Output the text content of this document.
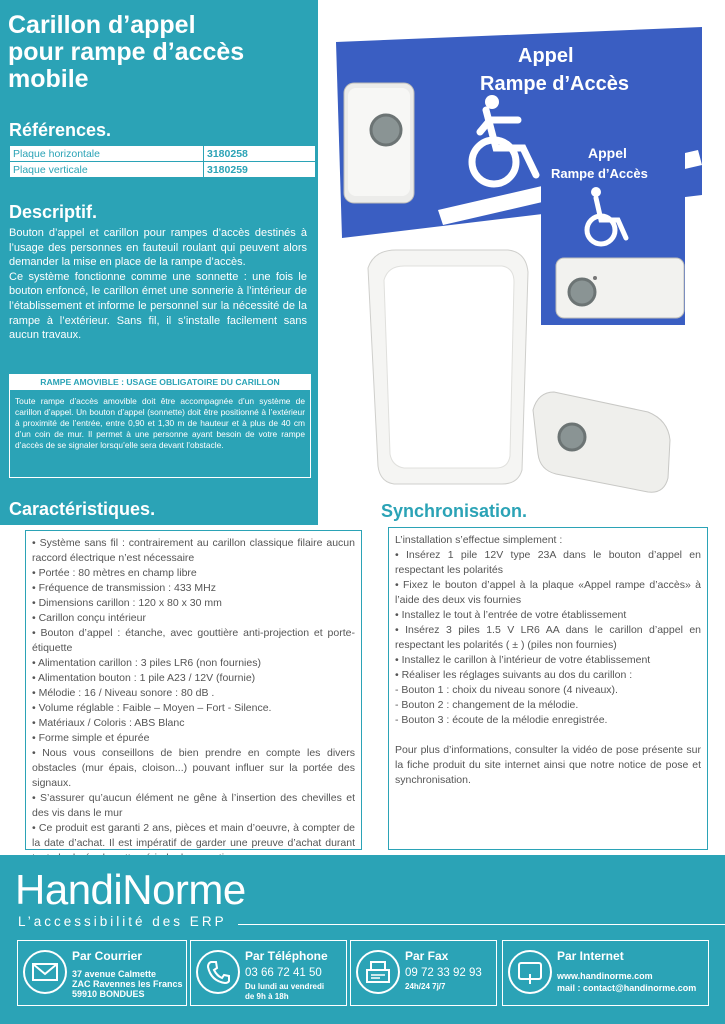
Carillon d’appel
pour rampe d’accès
mobile
Références.
Plaque horizontale	3180258
Plaque verticale	3180259
Descriptif.

Bouton d’appel et carillon pour rampes d’accès destinés à l’usage des personnes en fauteuil roulant qui peuvent alors demander la mise en place de la rampe d’accès.

Ce système fonctionne comme une sonnette : une fois le bouton enfoncé, le carillon émet une sonnerie à l’intérieur de l’établissement et informe le personnel sur la nécessité de la rampe à l’extérieur. Sans fil, il s’installe facilement sans aucun travaux.

RAMPE AMOVIBLE : USAGE OBLIGATOIRE DU CARILLON
Toute rampe d’accès amovible doit être accompagnée d’un système de carillon d’appel. Un bouton d’appel (sonnette) doit être positionné à l’extérieur à proximité de l’entrée, entre 0,90 et 1,30 m de hauteur et à plus de 40 cm d’un coin de mur. Il permet à une personne ayant besoin de votre rampe d’accès de se signaler lorsqu’elle sera devant l’obstacle.
Appel
Rampe d’Accès
Appel
Rampe d’Accès
Caractéristiques.
• Système sans fil : contrairement au carillon classique filaire aucun raccord électrique n’est nécessaire
• Portée : 80 mètres en champ libre
• Fréquence de transmission : 433 MHz
• Dimensions carillon : 120 x 80 x 30 mm
• Carillon conçu intérieur
• Bouton d’appel : étanche, avec gouttière anti-projection et porte-étiquette
• Alimentation carillon : 3 piles LR6 (non fournies)
• Alimentation bouton : 1 pile A23 / 12V (fournie)
• Mélodie : 16 / Niveau sonore : 80 dB .
• Volume réglable : Faible – Moyen – Fort - Silence.
• Matériaux / Coloris : ABS Blanc
• Forme simple et épurée
• Nous vous conseillons de bien prendre en compte les divers obstacles (mur épais, cloison...) pouvant influer sur la portée des signaux.
• S’assurer qu’aucun élément ne gêne à l’insertion des chevilles et des vis dans le mur
• Ce produit est garanti 2 ans, pièces et main d’oeuvre, à compter de la date d’achat. Il est impératif de garder une preuve d’achat durant
Synchronisation.
L’installation s’effectue simplement :
• Insérez 1 pile 12V type 23A dans le bouton d’appel en respectant les polarités
• Fixez le bouton d’appel à la plaque «Appel rampe d’accès» à l’aide des deux vis fournies
• Installez le tout à l’entrée de votre établissement
• Insérez 3 piles 1.5 V LR6 AA dans le carillon d’appel en respectant les polarités ( ± ) (piles non fournies)
• Installez le carillon à l’intérieur de votre établissement
• Réaliser les réglages suivants au dos du carillon :
- Bouton 1 : choix du niveau sonore (4 niveaux).
- Bouton 2 : changement de la mélodie.
- Bouton 3 : écoute de la mélodie enregistrée.
Pour plus d’informations, consulter la vidéo de pose présente sur la fiche produit du site internet ainsi que notre notice de pose et synchronisation.
HandiNorme
L’accessibilité des ERP
Par Courrier
37 avenue Calmette
ZAC Ravennes les Francs
59910 BONDUES
Par Téléphone
03 66 72 41 50
Du lundi au vendredi
de 9h à 18h
Par Fax
09 72 33 92 93
24h/24 7j/7
Par Internet
www.handinorme.com
mail : contact@handinorme.com
